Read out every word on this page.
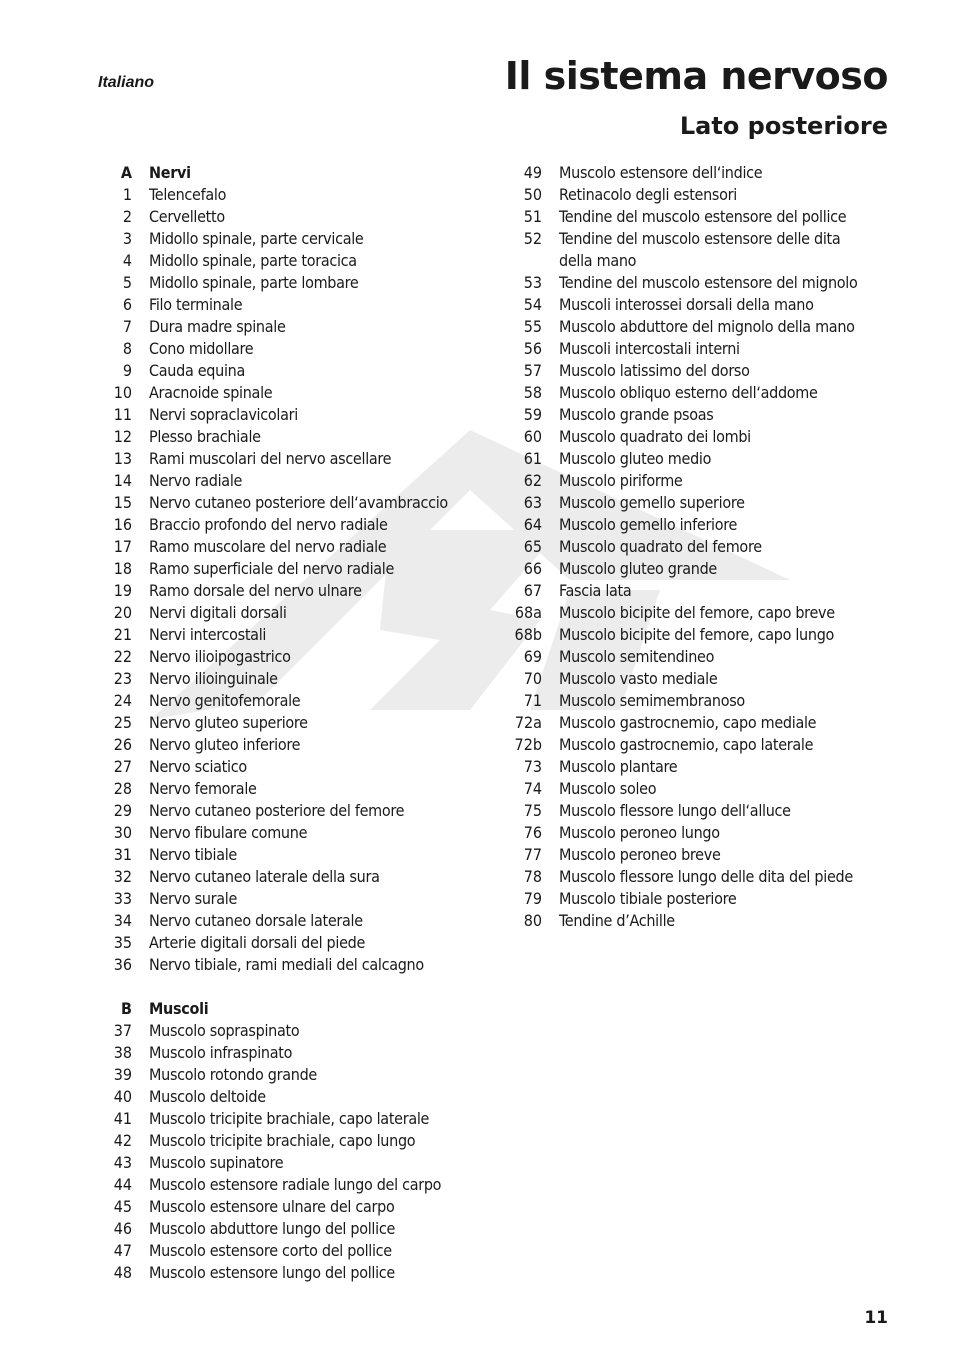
Italiano	Il sistema nervoso
Lato posteriore
A Nervi
1 Telencefalo
2 Cervelletto
3 Midollo spinale, parte cervicale
4 Midollo spinale, parte toracica
5 Midollo spinale, parte lombare
6 Filo terminale
7 Dura madre spinale
8 Cono midollare
9 Cauda equina
10 Aracnoide spinale
11 Nervi sopraclavicolari
12 Plesso brachiale
13 Rami muscolari del nervo ascellare
14 Nervo radiale
15 Nervo cutaneo posteriore dell‘avambraccio
16 Braccio profondo del nervo radiale
17 Ramo muscolare del nervo radiale
18 Ramo superficiale del nervo radiale
19 Ramo dorsale del nervo ulnare
20 Nervi digitali dorsali
21 Nervi intercostali
22 Nervo ilioipogastrico
23 Nervo ilioinguinale
24 Nervo genitofemorale
25 Nervo gluteo superiore
26 Nervo gluteo inferiore
27 Nervo sciatico
28 Nervo femorale
29 Nervo cutaneo posteriore del femore
30 Nervo fibulare comune
31 Nervo tibiale
32 Nervo cutaneo laterale della sura
33 Nervo surale
34 Nervo cutaneo dorsale laterale
35 Arterie digitali dorsali del piede
36 Nervo tibiale, rami mediali del calcagno
B Muscoli
37 Muscolo sopraspinato
38 Muscolo infraspinato
39 Muscolo rotondo grande
40 Muscolo deltoide
41 Muscolo tricipite brachiale, capo laterale
42 Muscolo tricipite brachiale, capo lungo
43 Muscolo supinatore
44 Muscolo estensore radiale lungo del carpo
45 Muscolo estensore ulnare del carpo
46 Muscolo abduttore lungo del pollice
47 Muscolo estensore corto del pollice
48 Muscolo estensore lungo del pollice
49 Muscolo estensore dell‘indice
50 Retinacolo degli estensori
51 Tendine del muscolo estensore del pollice
52 Tendine del muscolo estensore delle dita
della mano
53 Tendine del muscolo estensore del mignolo
54 Muscoli interossei dorsali della mano
55 Muscolo abduttore del mignolo della mano
56 Muscoli intercostali interni
57 Muscolo latissimo del dorso
58 Muscolo obliquo esterno dell‘addome
59 Muscolo grande psoas
60 Muscolo quadrato dei lombi
61 Muscolo gluteo medio
62 Muscolo piriforme
63 Muscolo gemello superiore
64 Muscolo gemello inferiore
65 Muscolo quadrato del femore
66 Muscolo gluteo grande
67 Fascia lata
68a Muscolo bicipite del femore, capo breve
68b Muscolo bicipite del femore, capo lungo
69 Muscolo semitendineo
70 Muscolo vasto mediale
71 Muscolo semimembranoso
72a Muscolo gastrocnemio, capo mediale
72b Muscolo gastrocnemio, capo laterale
73 Muscolo plantare
74 Muscolo soleo
75 Muscolo flessore lungo dell‘alluce
76 Muscolo peroneo lungo
77 Muscolo peroneo breve
78 Muscolo flessore lungo delle dita del piede
79 Muscolo tibiale posteriore
80 Tendine d’Achille
11
